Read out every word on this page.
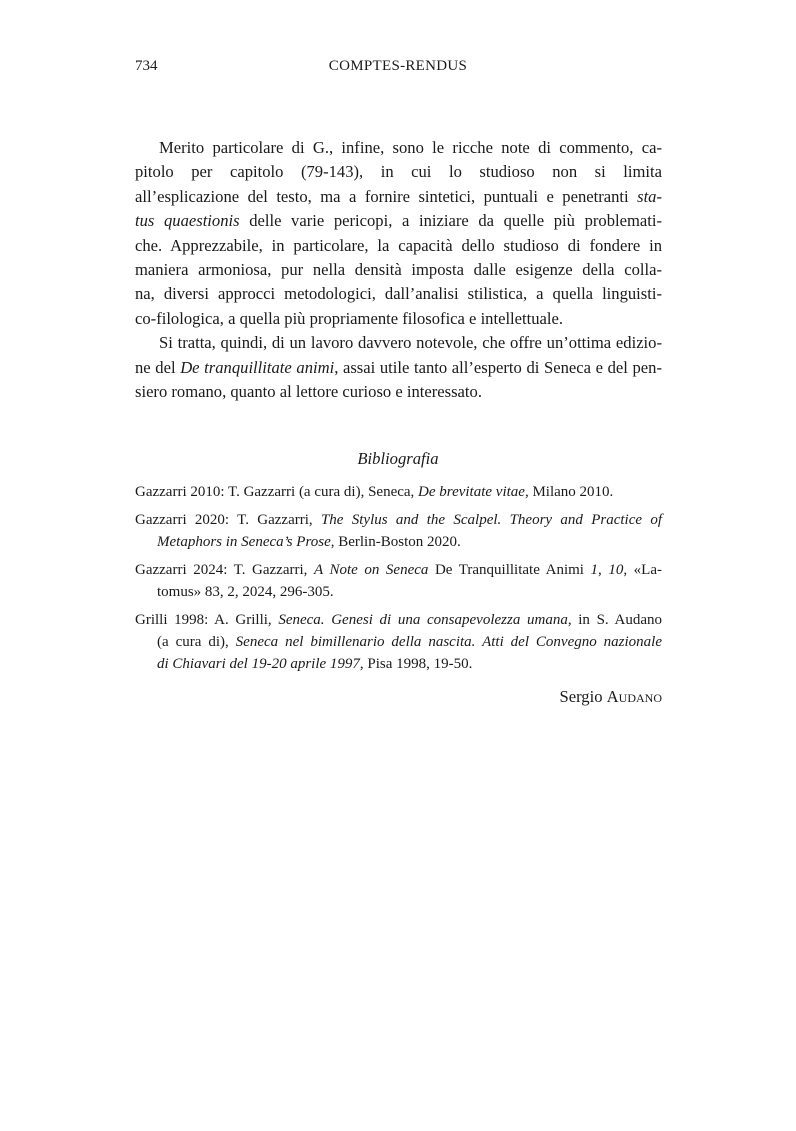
734	COMPTES-RENDUS
Merito particolare di G., infine, sono le ricche note di commento, ca-
pitolo per capitolo (79-143), in cui lo studioso non si limita
all’esplicazione del testo, ma a fornire sintetici, puntuali e penetranti sta-
tus quaestionis delle varie pericopi, a iniziare da quelle più problemati-
che. Apprezzabile, in particolare, la capacità dello studioso di fondere in
maniera armoniosa, pur nella densità imposta dalle esigenze della colla-
na, diversi approcci metodologici, dall’analisi stilistica, a quella linguisti-
co-filologica, a quella più propriamente filosofica e intellettuale.
Si tratta, quindi, di un lavoro davvero notevole, che offre un’ottima edizio-
ne del De tranquillitate animi, assai utile tanto all’esperto di Seneca e del pen-
siero romano, quanto al lettore curioso e interessato.
Bibliografia
Gazzarri 2010: T. Gazzarri (a cura di), Seneca, De brevitate vitae, Milano 2010.
Gazzarri 2020: T. Gazzarri, The Stylus and the Scalpel. Theory and Practice of
Metaphors in Seneca’s Prose, Berlin-Boston 2020.
Gazzarri 2024: T. Gazzarri, A Note on Seneca De Tranquillitate Animi 1, 10, «La-
tomus» 83, 2, 2024, 296-305.
Grilli 1998: A. Grilli, Seneca. Genesi di una consapevolezza umana, in S. Audano
(a cura di), Seneca nel bimillenario della nascita. Atti del Convegno nazionale
di Chiavari del 19-20 aprile 1997, Pisa 1998, 19-50.
Sergio Audano
